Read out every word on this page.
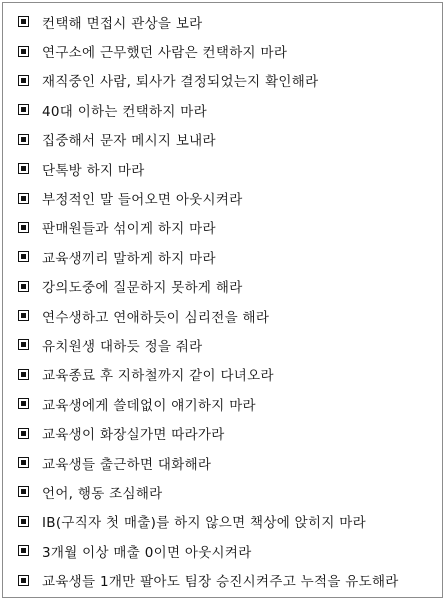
컨택해 면접시 관상을 보라
연구소에 근무했던 사람은 컨택하지 마라
재직중인 사람, 퇴사가 결정되었는지 확인해라
40대 이하는 컨택하지 마라
집중해서 문자 메시지 보내라
단톡방 하지 마라
부정적인 말 들어오면 아웃시켜라
판매원들과 섞이게 하지 마라
교육생끼리 말하게 하지 마라
강의도중에 질문하지 못하게 해라
연수생하고 연애하듯이 심리전을 해라
유치원생 대하듯 정을 줘라
교육종료 후 지하철까지 같이 다녀오라
교육생에게 쓸데없이 얘기하지 마라
교육생이 화장실가면 따라가라
교육생들 출근하면 대화해라
언어, 행동 조심해라
IB(구직자 첫 매출)를 하지 않으면 책상에 앉히지 마라
3개월 이상 매출 0이면 아웃시켜라
교육생들 1개만 팔아도 팀장 승진시켜주고 누적을 유도해라
